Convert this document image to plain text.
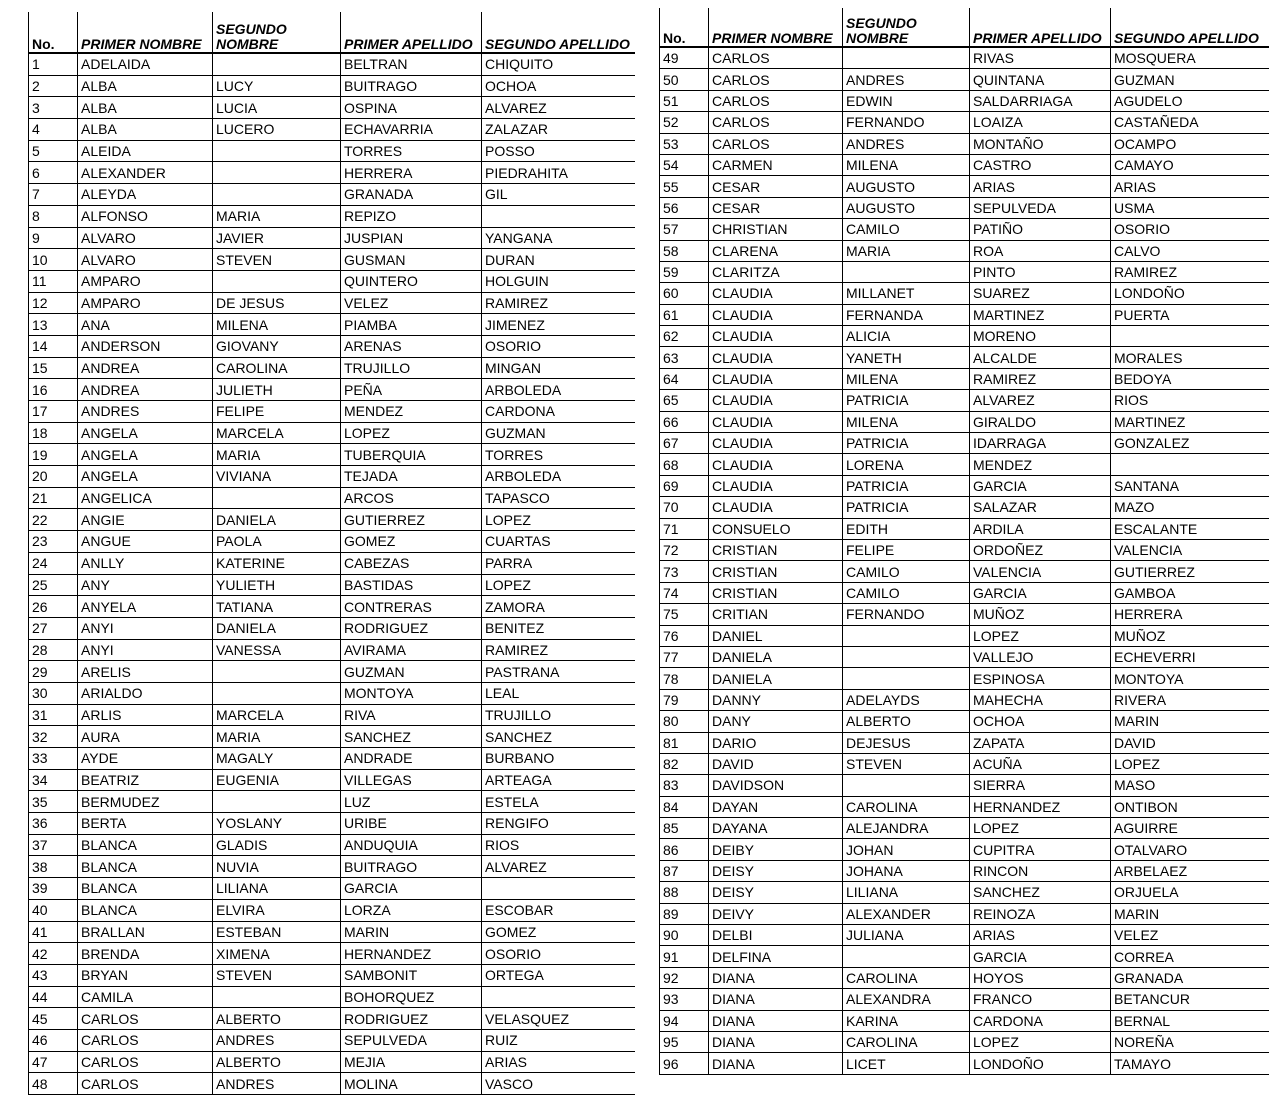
No.	PRIMER NOMBRE	SEGUNDO NOMBRE	PRIMER APELLIDO	SEGUNDO APELLIDO
1	ADELAIDA		BELTRAN	CHIQUITO
2	ALBA	LUCY	BUITRAGO	OCHOA
3	ALBA	LUCIA	OSPINA	ALVAREZ
4	ALBA	LUCERO	ECHAVARRIA	ZALAZAR
5	ALEIDA		TORRES	POSSO
6	ALEXANDER		HERRERA	PIEDRAHITA
7	ALEYDA		GRANADA	GIL
8	ALFONSO	MARIA	REPIZO	
9	ALVARO	JAVIER	JUSPIAN	YANGANA
10	ALVARO	STEVEN	GUSMAN	DURAN
11	AMPARO		QUINTERO	HOLGUIN
12	AMPARO	DE JESUS	VELEZ	RAMIREZ
13	ANA	MILENA	PIAMBA	JIMENEZ
14	ANDERSON	GIOVANY	ARENAS	OSORIO
15	ANDREA	CAROLINA	TRUJILLO	MINGAN
16	ANDREA	JULIETH	PEÑA	ARBOLEDA
17	ANDRES	FELIPE	MENDEZ	CARDONA
18	ANGELA	MARCELA	LOPEZ	GUZMAN
19	ANGELA	MARIA	TUBERQUIA	TORRES
20	ANGELA	VIVIANA	TEJADA	ARBOLEDA
21	ANGELICA		ARCOS	TAPASCO
22	ANGIE	DANIELA	GUTIERREZ	LOPEZ
23	ANGUE	PAOLA	GOMEZ	CUARTAS
24	ANLLY	KATERINE	CABEZAS	PARRA
25	ANY	YULIETH	BASTIDAS	LOPEZ
26	ANYELA	TATIANA	CONTRERAS	ZAMORA
27	ANYI	DANIELA	RODRIGUEZ	BENITEZ
28	ANYI	VANESSA	AVIRAMA	RAMIREZ
29	ARELIS		GUZMAN	PASTRANA
30	ARIALDO		MONTOYA	LEAL
31	ARLIS	MARCELA	RIVA	TRUJILLO
32	AURA	MARIA	SANCHEZ	SANCHEZ
33	AYDE	MAGALY	ANDRADE	BURBANO
34	BEATRIZ	EUGENIA	VILLEGAS	ARTEAGA
35	BERMUDEZ		LUZ	ESTELA
36	BERTA	YOSLANY	URIBE	RENGIFO
37	BLANCA	GLADIS	ANDUQUIA	RIOS
38	BLANCA	NUVIA	BUITRAGO	ALVAREZ
39	BLANCA	LILIANA	GARCIA	
40	BLANCA	ELVIRA	LORZA	ESCOBAR
41	BRALLAN	ESTEBAN	MARIN	GOMEZ
42	BRENDA	XIMENA	HERNANDEZ	OSORIO
43	BRYAN	STEVEN	SAMBONIT	ORTEGA
44	CAMILA		BOHORQUEZ	
45	CARLOS	ALBERTO	RODRIGUEZ	VELASQUEZ
46	CARLOS	ANDRES	SEPULVEDA	RUIZ
47	CARLOS	ALBERTO	MEJIA	ARIAS
48	CARLOS	ANDRES	MOLINA	VASCO
No.	PRIMER NOMBRE	SEGUNDO NOMBRE	PRIMER APELLIDO	SEGUNDO APELLIDO
49	CARLOS		RIVAS	MOSQUERA
50	CARLOS	ANDRES	QUINTANA	GUZMAN
51	CARLOS	EDWIN	SALDARRIAGA	AGUDELO
52	CARLOS	FERNANDO	LOAIZA	CASTAÑEDA
53	CARLOS	ANDRES	MONTAÑO	OCAMPO
54	CARMEN	MILENA	CASTRO	CAMAYO
55	CESAR	AUGUSTO	ARIAS	ARIAS
56	CESAR	AUGUSTO	SEPULVEDA	USMA
57	CHRISTIAN	CAMILO	PATIÑO	OSORIO
58	CLARENA	MARIA	ROA	CALVO
59	CLARITZA		PINTO	RAMIREZ
60	CLAUDIA	MILLANET	SUAREZ	LONDOÑO
61	CLAUDIA	FERNANDA	MARTINEZ	PUERTA
62	CLAUDIA	ALICIA	MORENO	
63	CLAUDIA	YANETH	ALCALDE	MORALES
64	CLAUDIA	MILENA	RAMIREZ	BEDOYA
65	CLAUDIA	PATRICIA	ALVAREZ	RIOS
66	CLAUDIA	MILENA	GIRALDO	MARTINEZ
67	CLAUDIA	PATRICIA	IDARRAGA	GONZALEZ
68	CLAUDIA	LORENA	MENDEZ	
69	CLAUDIA	PATRICIA	GARCIA	SANTANA
70	CLAUDIA	PATRICIA	SALAZAR	MAZO
71	CONSUELO	EDITH	ARDILA	ESCALANTE
72	CRISTIAN	FELIPE	ORDOÑEZ	VALENCIA
73	CRISTIAN	CAMILO	VALENCIA	GUTIERREZ
74	CRISTIAN	CAMILO	GARCIA	GAMBOA
75	CRITIAN	FERNANDO	MUÑOZ	HERRERA
76	DANIEL		LOPEZ	MUÑOZ
77	DANIELA		VALLEJO	ECHEVERRI
78	DANIELA		ESPINOSA	MONTOYA
79	DANNY	ADELAYDS	MAHECHA	RIVERA
80	DANY	ALBERTO	OCHOA	MARIN
81	DARIO	DEJESUS	ZAPATA	DAVID
82	DAVID	STEVEN	ACUÑA	LOPEZ
83	DAVIDSON		SIERRA	MASO
84	DAYAN	CAROLINA	HERNANDEZ	ONTIBON
85	DAYANA	ALEJANDRA	LOPEZ	AGUIRRE
86	DEIBY	JOHAN	CUPITRA	OTALVARO
87	DEISY	JOHANA	RINCON	ARBELAEZ
88	DEISY	LILIANA	SANCHEZ	ORJUELA
89	DEIVY	ALEXANDER	REINOZA	MARIN
90	DELBI	JULIANA	ARIAS	VELEZ
91	DELFINA		GARCIA	CORREA
92	DIANA	CAROLINA	HOYOS	GRANADA
93	DIANA	ALEXANDRA	FRANCO	BETANCUR
94	DIANA	KARINA	CARDONA	BERNAL
95	DIANA	CAROLINA	LOPEZ	NOREÑA
96	DIANA	LICET	LONDOÑO	TAMAYO
